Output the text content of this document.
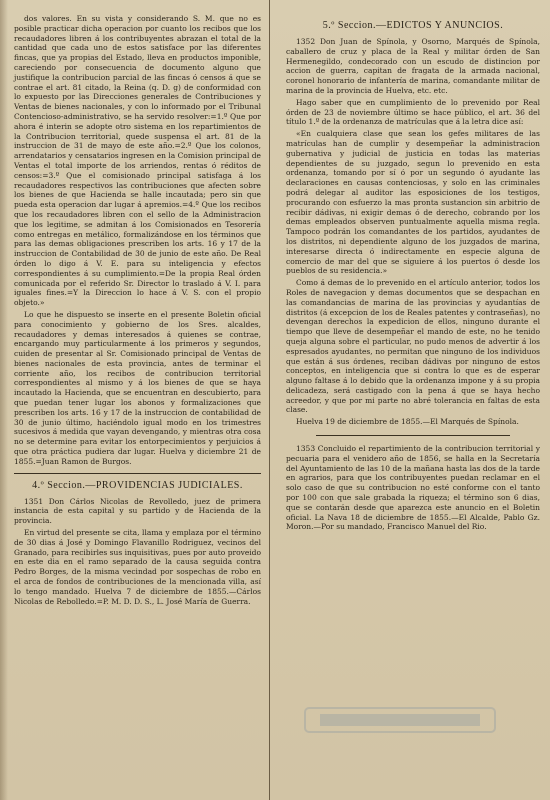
dos valores. En su vista y considerando S. M. que no es posible practicar dicha operacion por cuanto los recibos que los recaudadores libren á los contribuyentes abrazan el total de la cantidad que cada uno de estos satisface por las diferentes fincas, que ya propias del Estado, lleva en productos imponible, careciendo por consecuencia de documento alguno que justifique la contribucion parcial de las fincas ó censos á que se contrae el art. 81 citado, la Reina (q. D. g) de conformidad con lo expuesto por las Direcciones generales de Contribuciones y Ventas de bienes nacionales, y con lo informado por el Tribunal Contencioso-administrativo, se ha servido resolver:=1.º Que por ahora é interin se adopte otro sistema en los repartimientos de la Contribucion territorial, quede suspensa el art. 81 de la instruccion de 31 de mayo de este año.=2.º Que los colonos, arrendatarios y censatarios ingresen en la Comision principal de Ventas el total importe de los arriendos, rentas ó réditos de censos:=3.º Que el comisionado principal satisfaga á los recaudadores respectivos las contribuciones que afecten sobre los bienes de que Hacienda se halle incautada; pero sin que pueda esta operacion dar lugar á apremios.=4.º Que los recibos que los recaudadores libren con el sello de la Administracion que los legitime, se admitan á los Comisionados en Tesorería como entregas en metálico, formalizándose en los términos que para las demas obligaciones prescriben los arts. 16 y 17 de la instruccion de Contabilidad de 30 de junio de este año. De Real órden lo digo á V. E. para su inteligencia y efectos correspondientes á su cumplimiento.=De la propia Real órden comunicada por el referido Sr. Director lo traslado á V. I. para iguales fines.=Y la Direccion lo hace á V. S. con el propio objeto.»

Lo que he dispuesto se inserte en el presente Boletin oficial para conocimiento y gobierno de los Sres. alcaldes, recaudadores y demas interesados á quienes se contrae, encargando muy particularmente á los primeros y segundos, cuiden de presentar al Sr. Comisionado principal de Ventas de bienes nacionales de esta provincia, antes de terminar el corriente año, los recibos de contribucion territorial correspondientes al mismo y á los bienes de que se haya incautado la Hacienda, que se encuentran en descubierto, para que puedan tener lugar los abonos y formalizaciones que prescriben los arts. 16 y 17 de la instruccion de contabilidad de 30 de junio último, haciéndolo igual modo en los trimestres sucesivos á medida que vayan devengando, y mientras otra cosa no se determine para evitar los entorpecimientos y perjuicios á que otra práctica pudiera dar lugar. Huelva y diciembre 21 de 1855.=Juan Ramon de Burgos.

4.º Seccion.—PROVIDENCIAS JUDICIALES.

1351 Don Cárlos Nicolas de Revolledo, juez de primera instancia de esta capital y su partido y de Hacienda de la provincia.

En virtud del presente se cita, llama y emplaza por el término de 30 dias á José y Domingo Flavanillo Rodriguez, vecinos del Granado, para recibirles sus inquisitivas, pues por auto proveido en este dia en el ramo separado de la causa seguida contra Pedro Borges, de la misma vecindad por sospechas de robo en el arca de fondos de contribuciones de la mencionada villa, así lo tengo mandado. Huelva 7 de diciembre de 1855.—Cárlos Nicolas de Rebolledo.=P. M. D. D. S., L. José María de Guerra.

5.º Seccion.—EDICTOS Y ANUNCIOS.

1352 Don Juan de Spínola, y Osorno, Marqués de Spínola, caballero de cruz y placa de la Real y militar órden de San Hermenegildo, condecorado con un escudo de distincion por accion de guerra, capitan de fragata de la armada nacional, coronel honorario de infantería de marina, comandante militar de marina de la provincia de Huelva, etc. etc.

Hago saber que en cumplimiento de lo prevenido por Real órden de 23 de noviembre último se hace público, el art. 36 del título 1.º de la ordenanza de matrículas que á la letra dice así:

«En cualquiera clase que sean los gefes militares de las matrículas han de cumplir y desempeñar la administracion gubernativa y judicial de justicia en todas las materias dependientes de su juzgado, segun lo prevenido en esta ordenanza, tomando por sí ó por un segundo ó ayudante las declaraciones en causas contenciosas, y solo en las criminales podrá delegar al auditor las esposiciones de los testigos, procurando con esfuerzo la mas pronta sustancion sin arbitrio de recibir dádivas, ni exigir demas ó de derecho, cobrando por los demas empleados observen puntualmente aquella misma regla. Tampoco podrán los comandantes de los partidos, ayudantes de los distritos, ni dependiente alguno de los juzgados de marina, interesarse directa ó indirectamente en especie alguna de comercio de mar del que se siguiere á los puertos ó desde los pueblos de su residencia.»

Como á demas de lo prevenido en el artículo anterior, todos los Roles de navegacion y demas documentos que se despachan en las comandancias de marina de las provincias y ayudantías de distritos (á excepcion de los de Reales patentes y contraseñas), no devengan derechos la expedicion de ellos, ninguno durante el tiempo que lleve de desempeñar el mando de este, no he tenido queja alguna sobre el particular, no pudo menos de advertir á los espresados ayudantes, no permitan que ninguno de los individuos que están á sus órdenes, reciban dádivas por ninguno de estos conceptos, en inteligencia que si contra lo que es de esperar alguno faltase á lo debido que la ordenanza impone y á su propia delicadeza, será castigado con la pena á que se haya hecho acreedor, y que por mi parte no abré tolerancia en faltas de esta clase.

Huelva 19 de diciembre de 1855.—El Marqués de Spínola.

1353 Concluido el repartimiento de la contribucion territorial y pecuaria para el venidero año de 1856, se halla en la Secretaría del Ayuntamiento de las 10 de la mañana hasta las dos de la tarde en agrarios, para que los contribuyentes puedan reclamar en el solo caso de que su contribucion no esté conforme con el tanto por 100 con que sale grabada la riqueza; el término son 6 dias, que se contarán desde que aparezca este anuncio en el Boletin oficial. La Nava 18 de diciembre de 1855.—El Alcalde, Pablo Gz. Moron.—Por su mandado, Francisco Manuel del Rio.
